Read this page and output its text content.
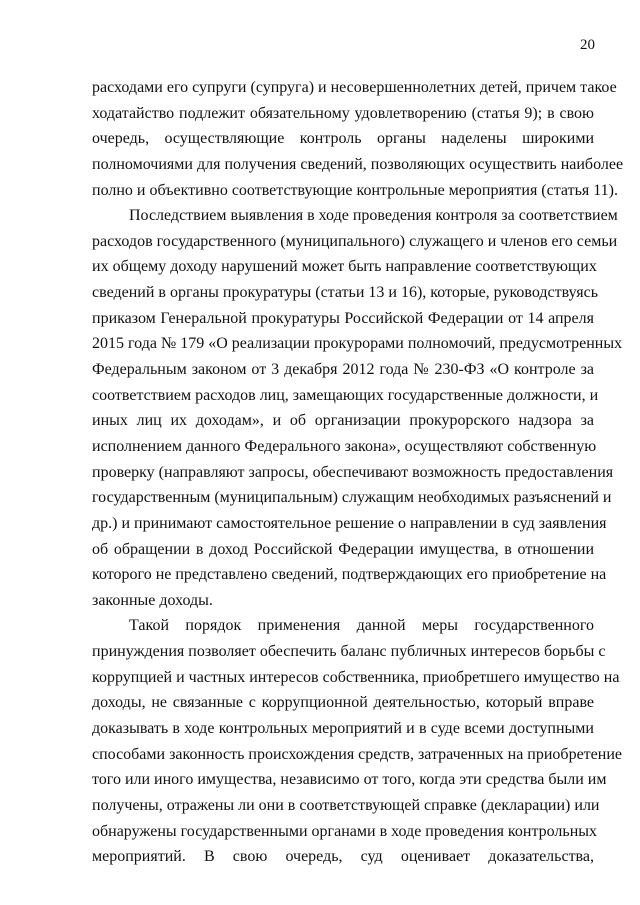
20
расходами его супруги (супруга) и несовершеннолетних детей, причем такое
ходатайство подлежит обязательному удовлетворению (статья 9); в свою
очередь, осуществляющие контроль органы наделены широкими
полномочиями для получения сведений, позволяющих осуществить наиболее
полно и объективно соответствующие контрольные мероприятия (статья 11).
Последствием выявления в ходе проведения контроля за соответствием
расходов государственного (муниципального) служащего и членов его семьи
их общему доходу нарушений может быть направление соответствующих
сведений в органы прокуратуры (статьи 13 и 16), которые, руководствуясь
приказом Генеральной прокуратуры Российской Федерации от 14 апреля
2015 года № 179 «О реализации прокурорами полномочий, предусмотренных
Федеральным законом от 3 декабря 2012 года № 230-ФЗ «О контроле за
соответствием расходов лиц, замещающих государственные должности, и
иных лиц их доходам», и об организации прокурорского надзора за
исполнением данного Федерального закона», осуществляют собственную
проверку (направляют запросы, обеспечивают возможность предоставления
государственным (муниципальным) служащим необходимых разъяснений и
др.) и принимают самостоятельное решение о направлении в суд заявления
об обращении в доход Российской Федерации имущества, в отношении
которого не представлено сведений, подтверждающих его приобретение на
законные доходы.
Такой порядок применения данной меры государственного
принуждения позволяет обеспечить баланс публичных интересов борьбы с
коррупцией и частных интересов собственника, приобретшего имущество на
доходы, не связанные с коррупционной деятельностью, который вправе
доказывать в ходе контрольных мероприятий и в суде всеми доступными
способами законность происхождения средств, затраченных на приобретение
того или иного имущества, независимо от того, когда эти средства были им
получены, отражены ли они в соответствующей справке (декларации) или
обнаружены государственными органами в ходе проведения контрольных
мероприятий. В свою очередь, суд оценивает доказательства,
